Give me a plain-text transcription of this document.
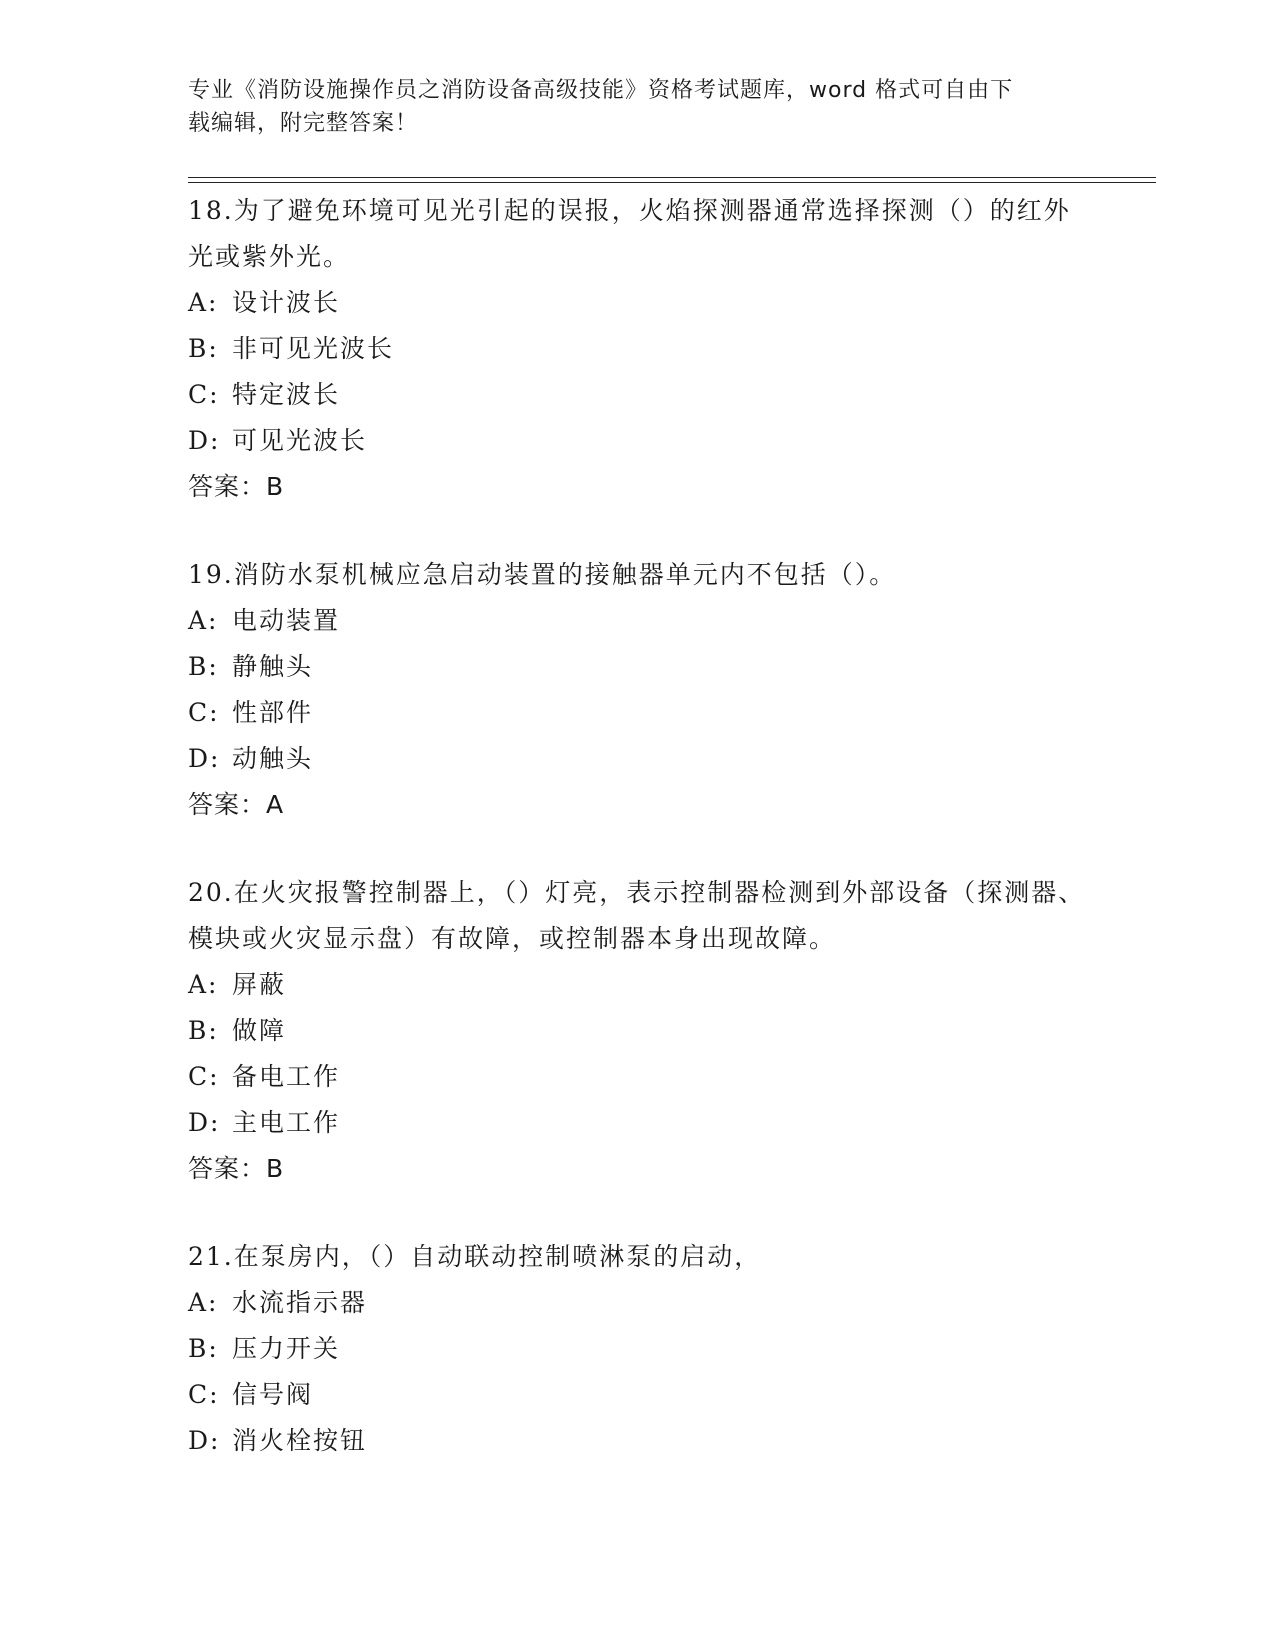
专业《消防设施操作员之消防设备高级技能》资格考试题库，word 格式可自由下
载编辑，附完整答案！

18.为了避免环境可见光引起的误报，火焰探测器通常选择探测（）的红外光或紫外光。

A: 设计波长
B: 非可见光波长
C: 特定波长
D: 可见光波长

答案：B

19.消防水泵机械应急启动装置的接触器单元内不包括（）。

A: 电动装置
B: 静触头
C: 性部件
D: 动触头

答案：A

20.在火灾报警控制器上，（）灯亮，表示控制器检测到外部设备（探测器、模块或火灾显示盘）有故障，或控制器本身出现故障。

A: 屏蔽
B: 做障
C: 备电工作
D: 主电工作

答案：B

21.在泵房内，（）自动联动控制喷淋泵的启动，

A: 水流指示器
B: 压力开关
C: 信号阀
D: 消火栓按钮
